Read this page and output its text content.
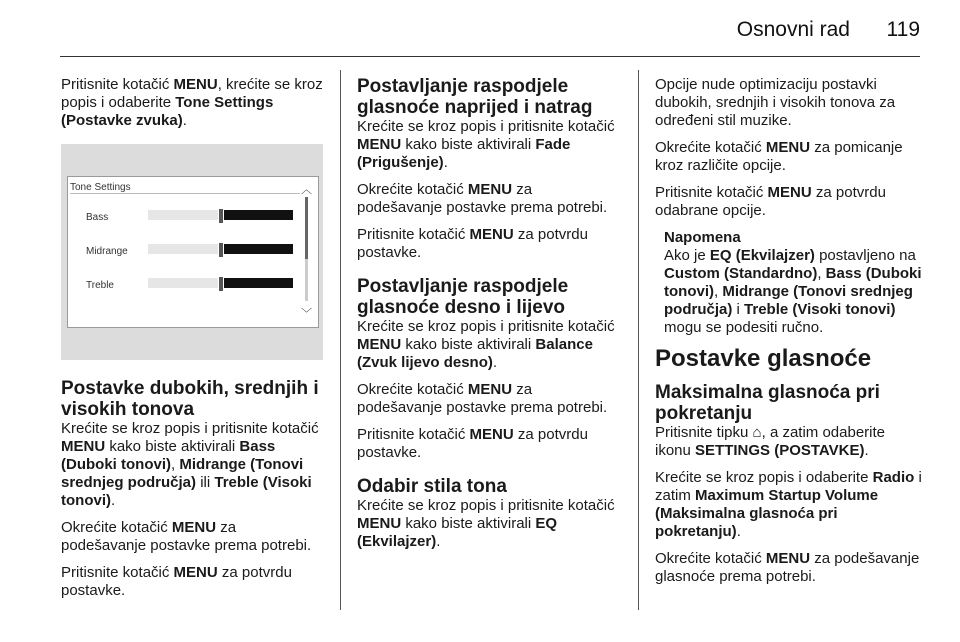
Osnovni rad 119

Pritisnite kotačić MENU, krećite se kroz popis i odaberite Tone Settings (Postavke zvuka).

Tone Settings
Bass
Midrange
Treble
︿
﹀
Postavke dubokih, srednjih i visokih tonova

Krećite se kroz popis i pritisnite kotačić MENU kako biste aktivirali Bass (Duboki tonovi), Midrange (Tonovi srednjeg područja) ili Treble (Visoki tonovi).

Okrećite kotačić MENU za podešavanje postavke prema potrebi.

Pritisnite kotačić MENU za potvrdu postavke.

Postavljanje raspodjele glasnoće naprijed i natrag

Krećite se kroz popis i pritisnite kotačić MENU kako biste aktivirali Fade (Prigušenje).

Okrećite kotačić MENU za podešavanje postavke prema potrebi.

Pritisnite kotačić MENU za potvrdu postavke.

Postavljanje raspodjele glasnoće desno i lijevo

Krećite se kroz popis i pritisnite kotačić MENU kako biste aktivirali Balance (Zvuk lijevo desno).

Okrećite kotačić MENU za podešavanje postavke prema potrebi.

Pritisnite kotačić MENU za potvrdu postavke.

Odabir stila tona

Krećite se kroz popis i pritisnite kotačić MENU kako biste aktivirali EQ (Ekvilajzer).

Opcije nude optimizaciju postavki dubokih, srednjih i visokih tonova za određeni stil muzike.

Okrećite kotačić MENU za pomicanje kroz različite opcije.

Pritisnite kotačić MENU za potvrdu odabrane opcije.

Napomena

Ako je EQ (Ekvilajzer) postavljeno na Custom (Standardno), Bass (Duboki tonovi), Midrange (Tonovi srednjeg područja) i Treble (Visoki tonovi) mogu se podesiti ručno.

Postavke glasnoće
Maksimalna glasnoća pri pokretanju

Pritisnite tipku ⌂, a zatim odaberite ikonu SETTINGS (POSTAVKE).

Krećite se kroz popis i odaberite Radio i zatim Maximum Startup Volume (Maksimalna glasnoća pri pokretanju).

Okrećite kotačić MENU za podešavanje glasnoće prema potrebi.
